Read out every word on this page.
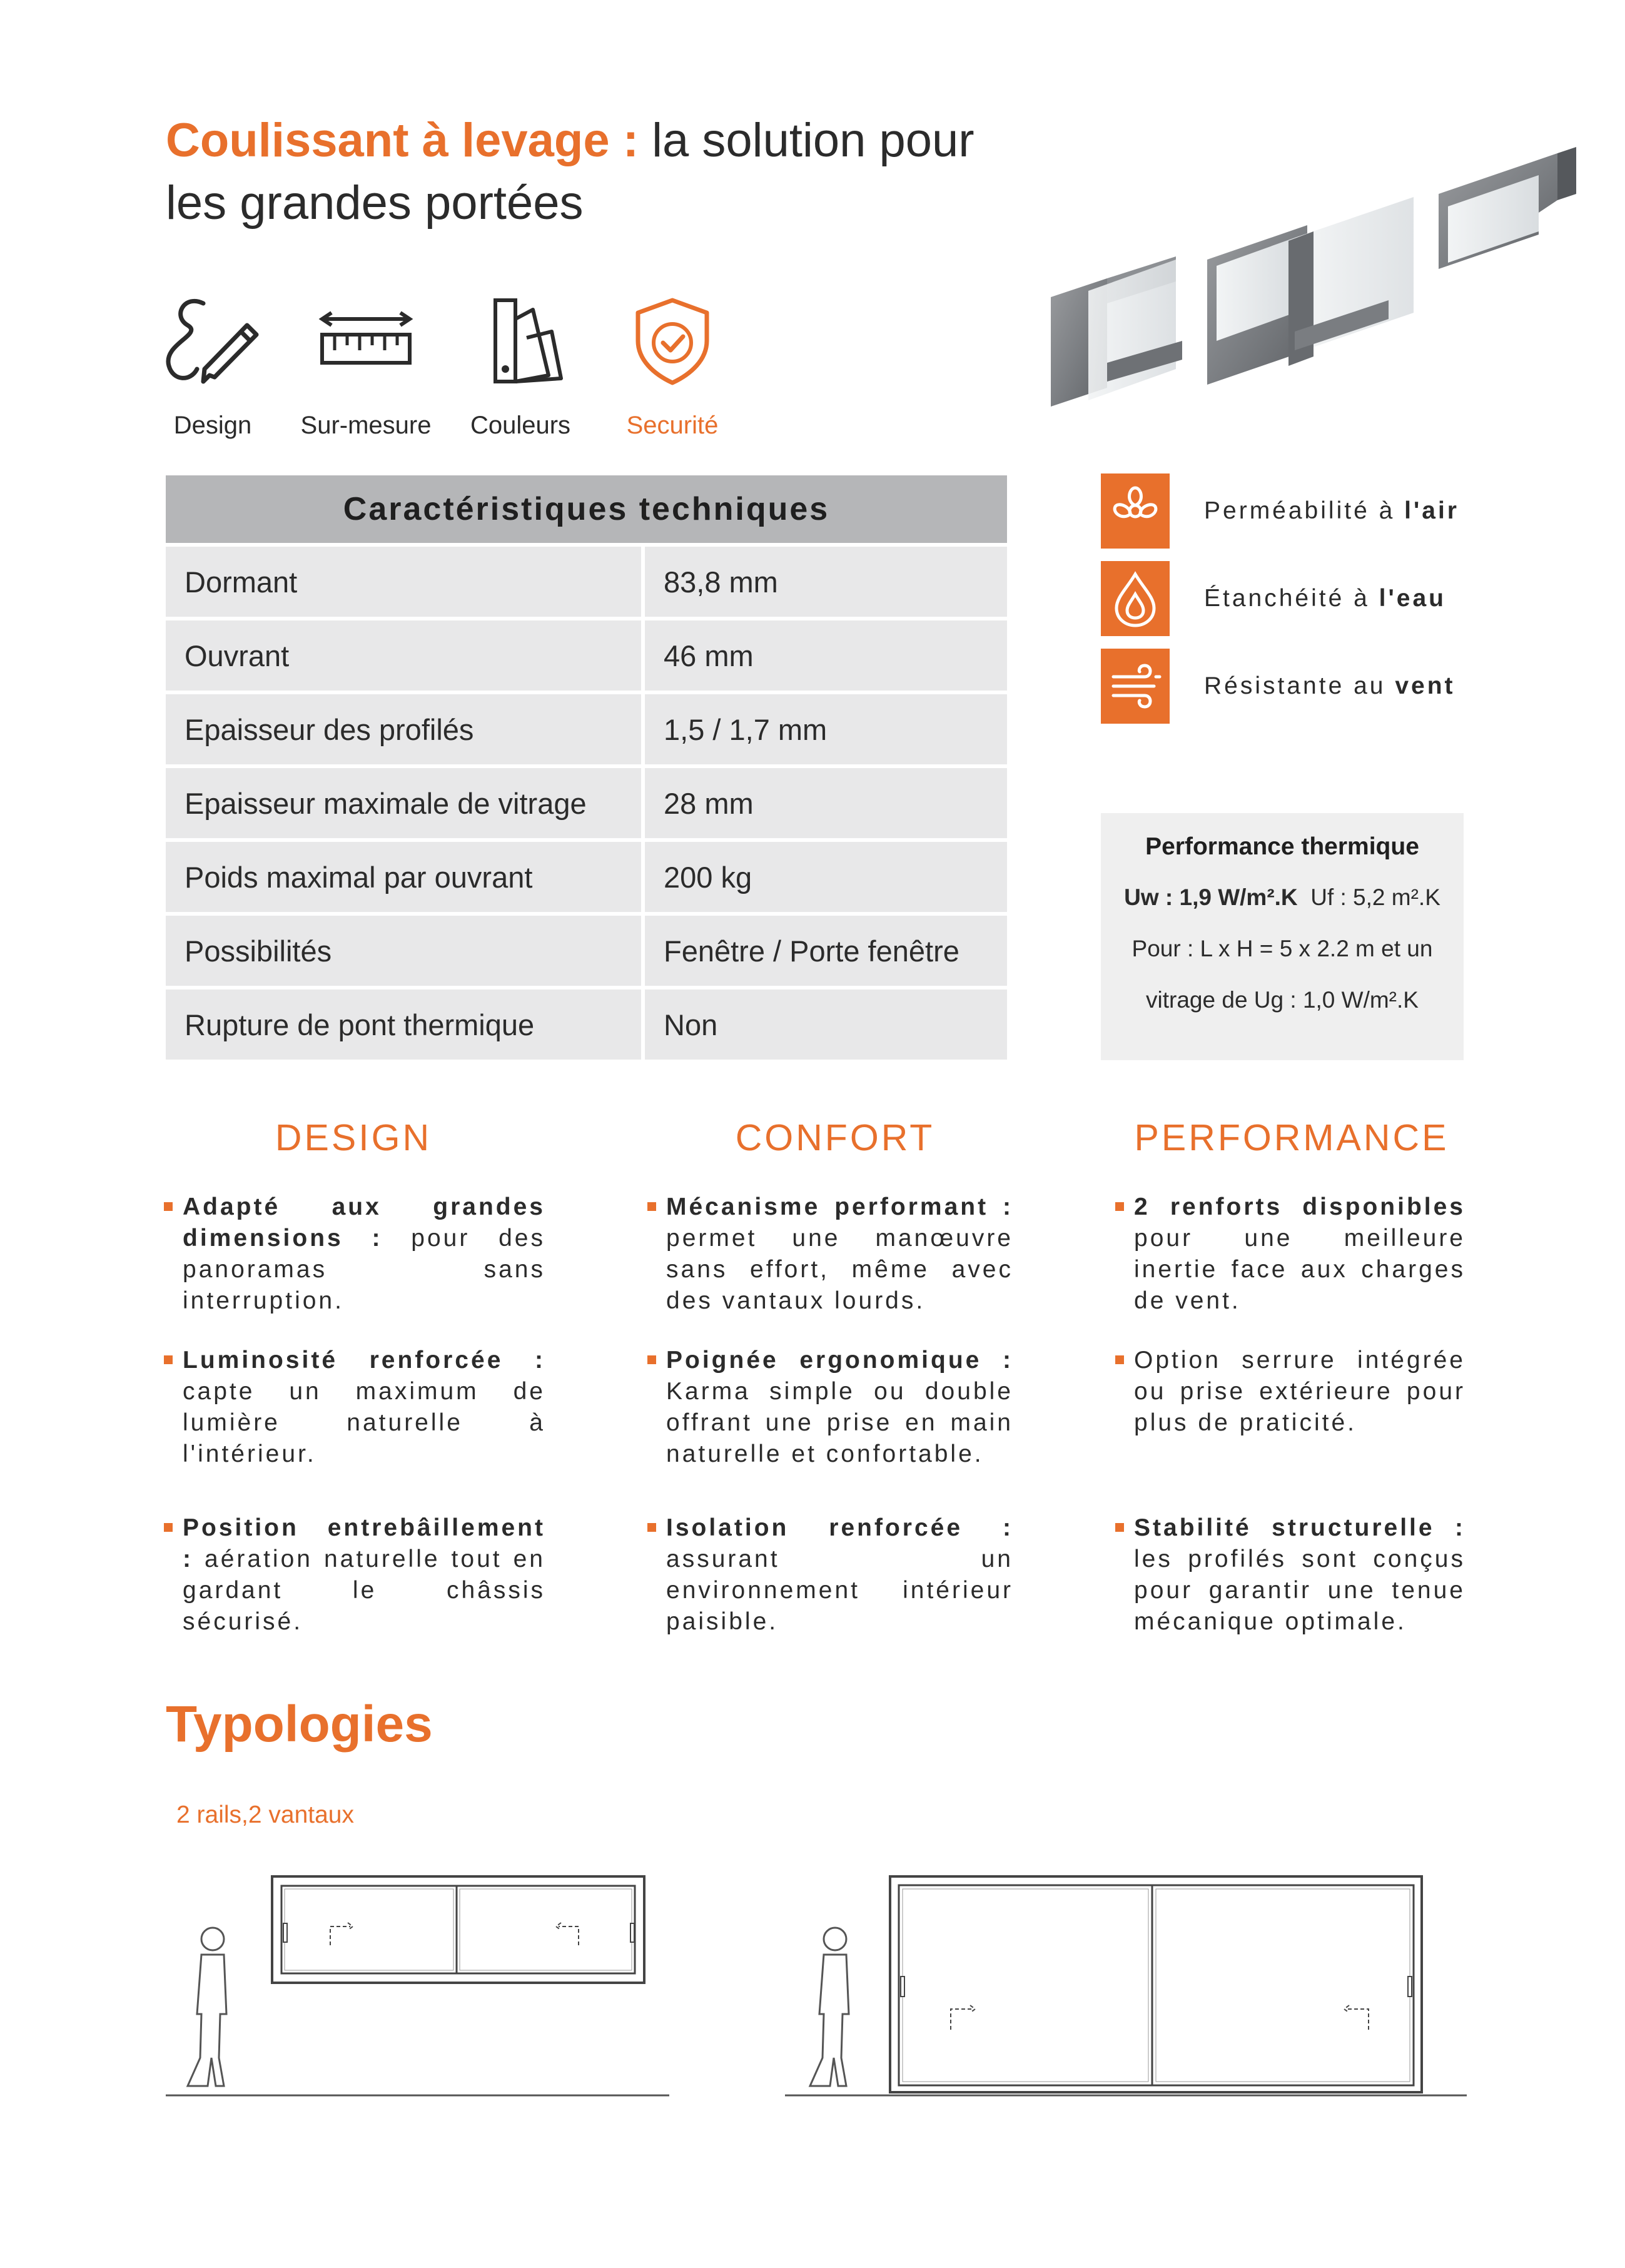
Coulissant à levage : la solution pour les grandes portées
Design	Sur-mesure	Couleurs	Securité
Caractéristiques techniques
Dormant	83,8 mm
Ouvrant	46 mm
Epaisseur des profilés	1,5 / 1,7 mm
Epaisseur maximale de vitrage	28 mm
Poids maximal par ouvrant	200 kg
Possibilités	Fenêtre / Porte fenêtre
Rupture de pont thermique	Non
Perméabilité à l'air
Étanchéité à l'eau
Résistante au vent
Performance thermique
Uw : 1,9 W/m².K Uf : 5,2 m².K
Pour : L x H = 5 x 2.2 m et un
vitrage de Ug : 1,0 W/m².K
DESIGN	CONFORT	PERFORMANCE
Adapté aux grandes dimensions : pour des panoramas sans interruption.
Luminosité renforcée : capte un maximum de lumière naturelle à l'intérieur.
Position entrebâillement : aération naturelle tout en gardant le châssis sécurisé.
Mécanisme performant : permet une manœuvre sans effort, même avec des vantaux lourds.
Poignée ergonomique : Karma simple ou double offrant une prise en main naturelle et confortable.
Isolation renforcée : assurant un environnement intérieur paisible.
2 renforts disponibles pour une meilleure inertie face aux charges de vent.
Option serrure intégrée ou prise extérieure pour plus de praticité.
Stabilité structurelle : les profilés sont conçus pour garantir une tenue mécanique optimale.
Typologies
2 rails,2 vantaux
